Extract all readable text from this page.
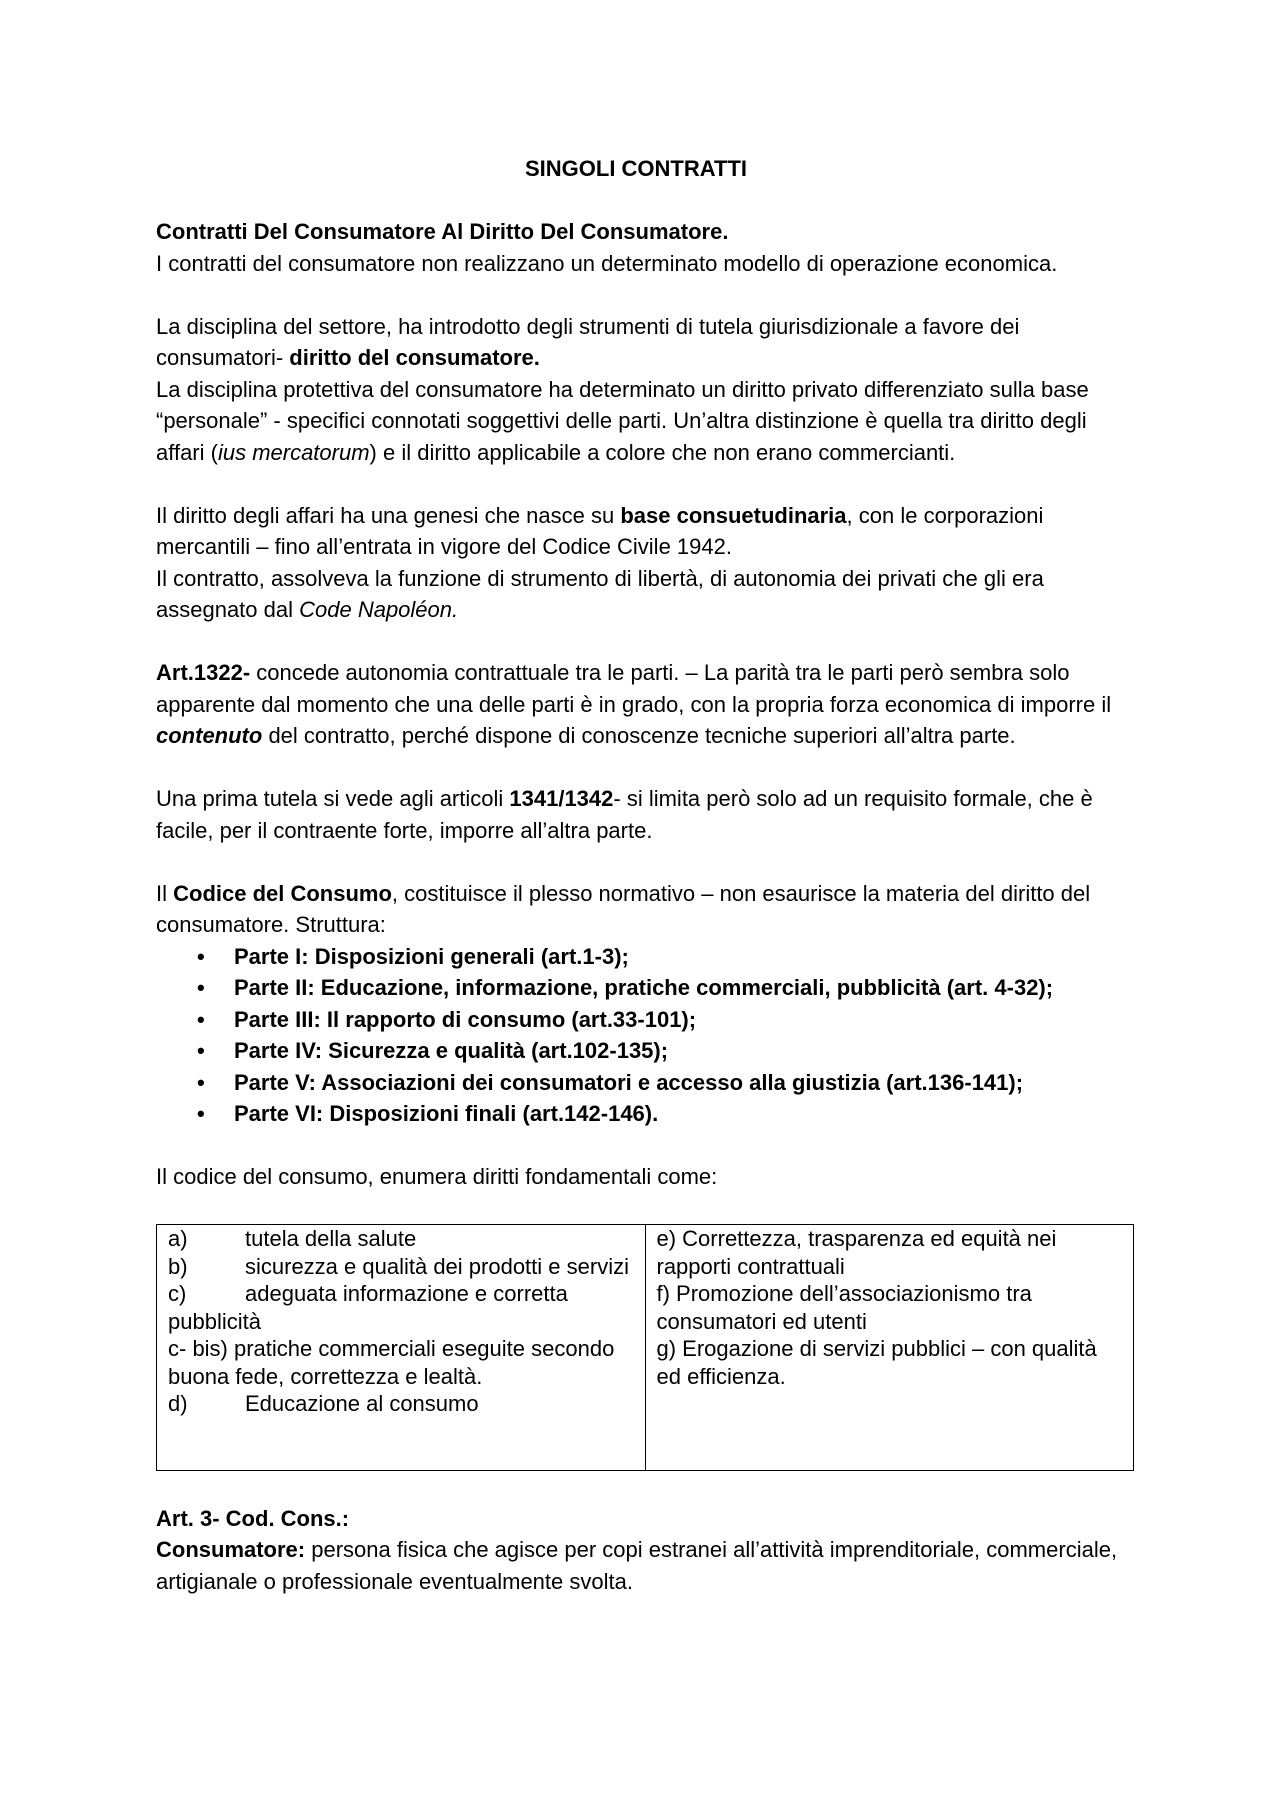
SINGOLI CONTRATTI

Contratti Del Consumatore Al Diritto Del Consumatore.

I contratti del consumatore non realizzano un determinato modello di operazione economica.

La disciplina del settore, ha introdotto degli strumenti di tutela giurisdizionale a favore dei consumatori- diritto del consumatore.

La disciplina protettiva del consumatore ha determinato un diritto privato differenziato sulla base “personale” - specifici connotati soggettivi delle parti. Un’altra distinzione è quella tra diritto degli affari (ius mercatorum) e il diritto applicabile a colore che non erano commercianti.

Il diritto degli affari ha una genesi che nasce su base consuetudinaria, con le corporazioni mercantili – fino all’entrata in vigore del Codice Civile 1942.

Il contratto, assolveva la funzione di strumento di libertà, di autonomia dei privati che gli era assegnato dal Code Napoléon.

Art.1322- concede autonomia contrattuale tra le parti. – La parità tra le parti però sembra solo apparente dal momento che una delle parti è in grado, con la propria forza economica di imporre il contenuto del contratto, perché dispone di conoscenze tecniche superiori all’altra parte.

Una prima tutela si vede agli articoli 1341/1342- si limita però solo ad un requisito formale, che è facile, per il contraente forte, imporre all’altra parte.

Il Codice del Consumo, costituisce il plesso normativo – non esaurisce la materia del diritto del consumatore. Struttura:

• Parte I: Disposizioni generali (art.1-3);
• Parte II: Educazione, informazione, pratiche commerciali, pubblicità (art. 4-32);
• Parte III: Il rapporto di consumo (art.33-101);
• Parte IV: Sicurezza e qualità (art.102-135);
• Parte V: Associazioni dei consumatori e accesso alla giustizia (art.136-141);
• Parte VI: Disposizioni finali (art.142-146).

Il codice del consumo, enumera diritti fondamentali come:

a)	tutela della salute
b)	sicurezza e qualità dei prodotti e servizi
c)	adeguata informazione e corretta pubblicità
c- bis) pratiche commerciali eseguite secondo buona fede, correttezza e lealtà.
d)	Educazione al consumo

e) Correttezza, trasparenza ed equità nei rapporti contrattuali
f) Promozione dell’associazionismo tra consumatori ed utenti
g) Erogazione di servizi pubblici – con qualità ed efficienza.

Art. 3- Cod. Cons.:

Consumatore: persona fisica che agisce per copi estranei all’attività imprenditoriale, commerciale, artigianale o professionale eventualmente svolta.
